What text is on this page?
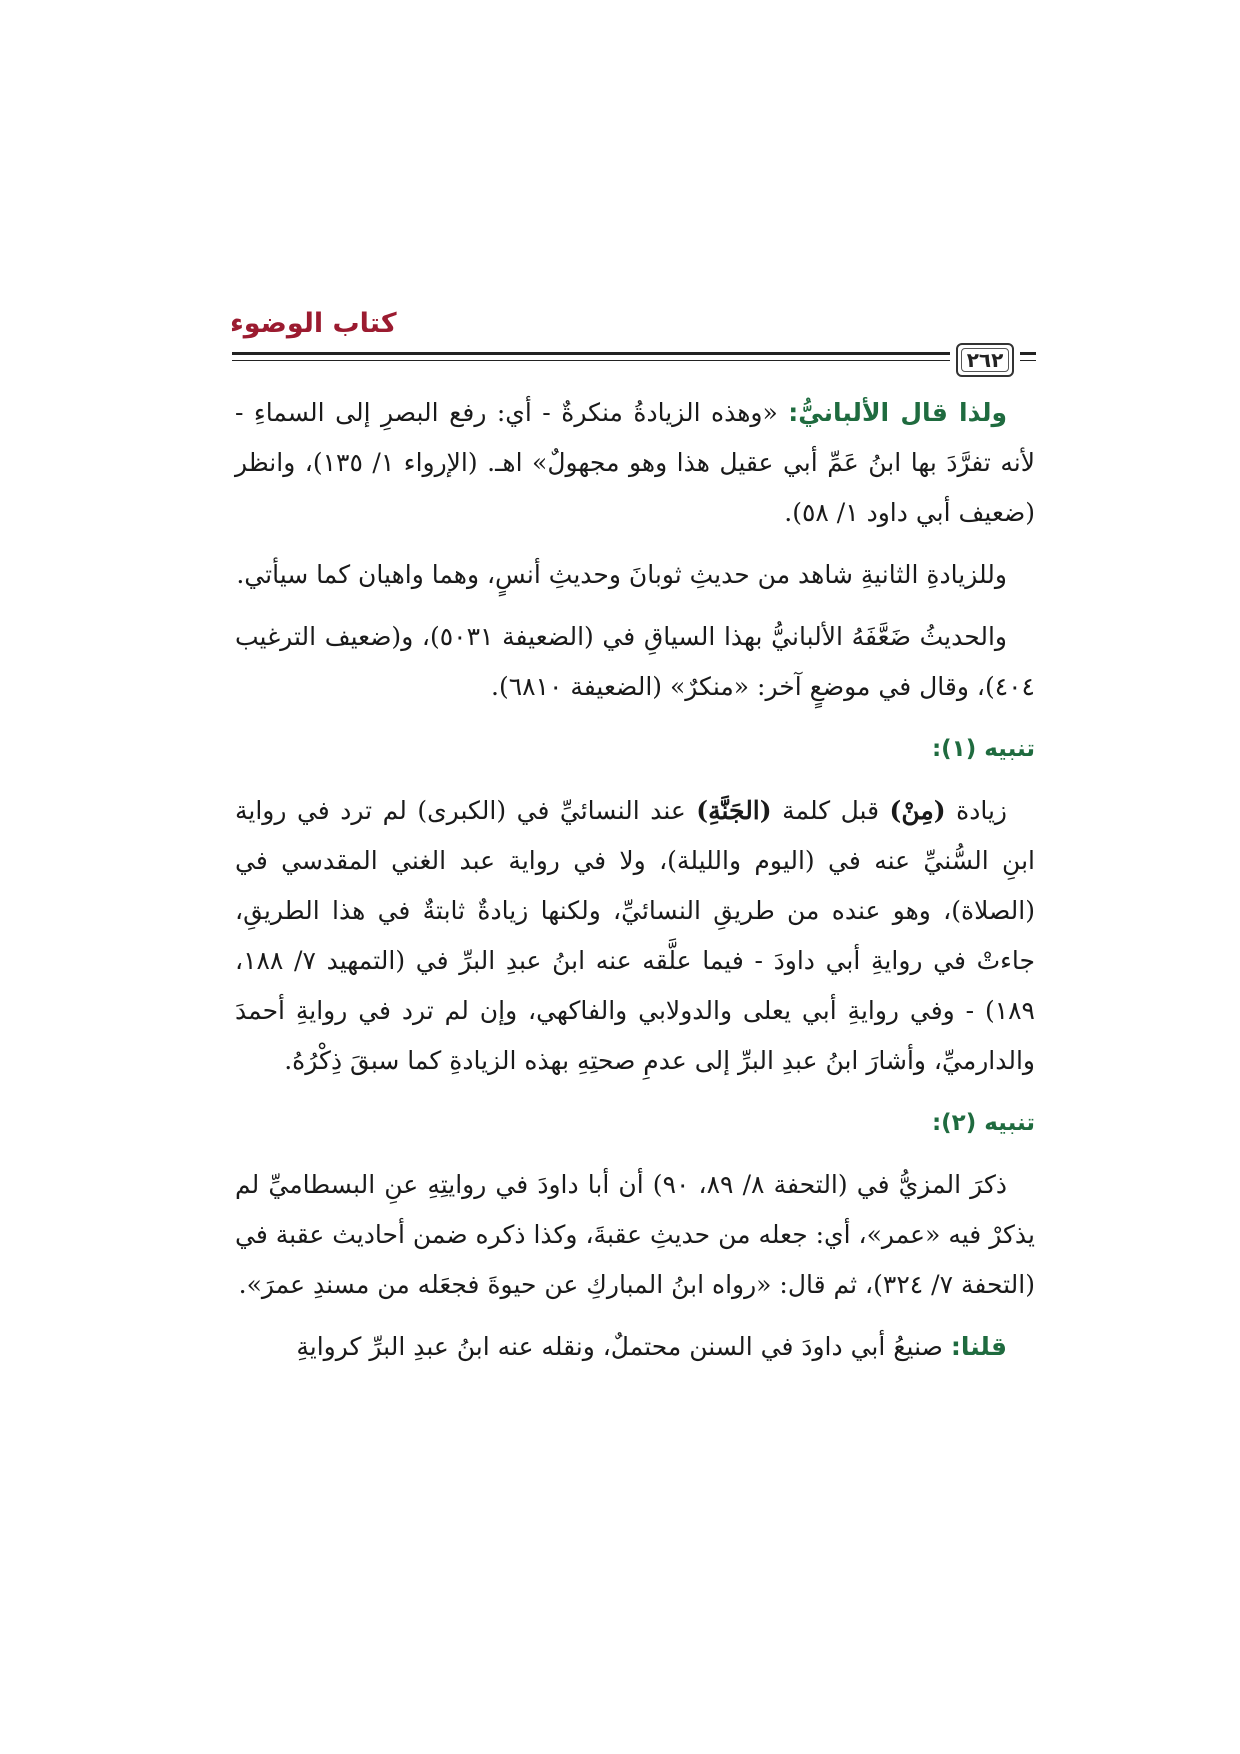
كتاب الوضوء
٢٦٢

ولذا قال الألبانيُّ: «وهذه الزيادةُ منكرةٌ - أي: رفع البصرِ إلى السماءِ - لأنه تفرَّدَ بها ابنُ عَمِّ أبي عقيل هذا وهو مجهولٌ» اهـ. (الإرواء ١/ ١٣٥)، وانظر (ضعيف أبي داود ١/ ٥٨).

وللزيادةِ الثانيةِ شاهد من حديثِ ثوبانَ وحديثِ أنسٍ، وهما واهيان كما سيأتي.

والحديثُ ضَعَّفَهُ الألبانيُّ بهذا السياقِ في (الضعيفة ٥٠٣١)، و(ضعيف الترغيب ٤٠٤)، وقال في موضعٍ آخر: «منكرٌ» (الضعيفة ٦٨١٠).

تنبيه (١):

زيادة (مِنْ) قبل كلمة (الجَنَّةِ) عند النسائيِّ في (الكبرى) لم ترد في رواية ابنِ السُّنيِّ عنه في (اليوم والليلة)، ولا في رواية عبد الغني المقدسي في (الصلاة)، وهو عنده من طريقِ النسائيِّ، ولكنها زيادةٌ ثابتةٌ في هذا الطريقِ، جاءتْ في روايةِ أبي داودَ - فيما علَّقه عنه ابنُ عبدِ البرِّ في (التمهيد ٧/ ١٨٨، ١٨٩) - وفي روايةِ أبي يعلى والدولابي والفاكهي، وإن لم ترد في روايةِ أحمدَ والدارميِّ، وأشارَ ابنُ عبدِ البرِّ إلى عدمِ صحتِهِ بهذه الزيادةِ كما سبقَ ذِكْرُهُ.

تنبيه (٢):

ذكرَ المزيُّ في (التحفة ٨/ ٨٩، ٩٠) أن أبا داودَ في روايتِهِ عنِ البسطاميِّ لم يذكرْ فيه «عمر»، أي: جعله من حديثِ عقبةَ، وكذا ذكره ضمن أحاديث عقبة في (التحفة ٧/ ٣٢٤)، ثم قال: «رواه ابنُ المباركِ عن حيوةَ فجعَله من مسندِ عمرَ».

قلنا: صنيعُ أبي داودَ في السنن محتملٌ، ونقله عنه ابنُ عبدِ البرِّ كروايةِ
